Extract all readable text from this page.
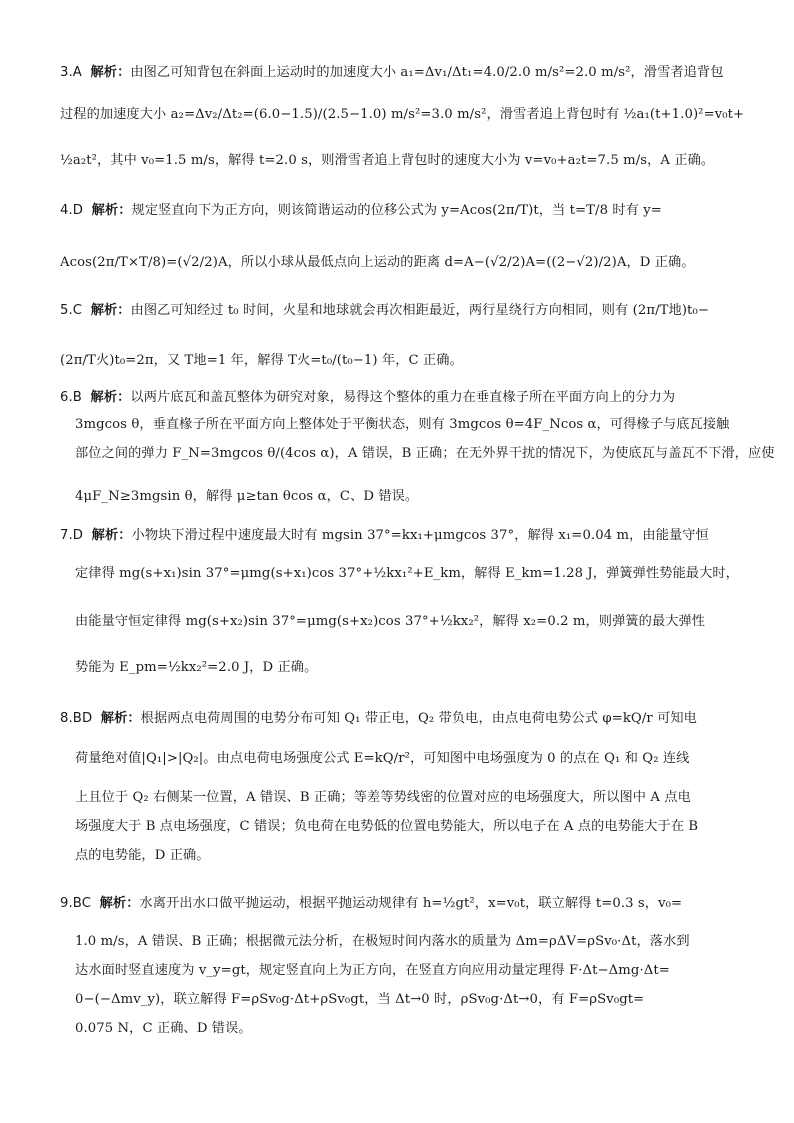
3.A 解析：由图乙可知背包在斜面上运动时的加速度大小 a₁=Δv₁/Δt₁=4.0/2.0 m/s²=2.0 m/s²，滑雪者追背包
过程的加速度大小 a₂=Δv₂/Δt₂=(6.0−1.5)/(2.5−1.0) m/s²=3.0 m/s²，滑雪者追上背包时有 ½a₁(t+1.0)²=v₀t+
½a₂t²，其中 v₀=1.5 m/s，解得 t=2.0 s，则滑雪者追上背包时的速度大小为 v=v₀+a₂t=7.5 m/s，A 正确。
4.D 解析：规定竖直向下为正方向，则该简谐运动的位移公式为 y=Acos(2π/T)t，当 t=T/8 时有 y=
Acos(2π/T×T/8)=(√2/2)A，所以小球从最低点向上运动的距离 d=A−(√2/2)A=((2−√2)/2)A，D 正确。
5.C 解析：由图乙可知经过 t₀ 时间，火星和地球就会再次相距最近，两行星绕行方向相同，则有 (2π/T地)t₀−
(2π/T火)t₀=2π，又 T地=1 年，解得 T火=t₀/(t₀−1) 年，C 正确。
6.B 解析：以两片底瓦和盖瓦整体为研究对象，易得这个整体的重力在垂直椽子所在平面方向上的分力为
3mgcos θ，垂直椽子所在平面方向上整体处于平衡状态，则有 3mgcos θ=4F_Ncos α，可得椽子与底瓦接触
部位之间的弹力 F_N=3mgcos θ/(4cos α)，A 错误，B 正确；在无外界干扰的情况下，为使底瓦与盖瓦不下滑，应使
4μF_N≥3mgsin θ，解得 μ≥tan θcos α，C、D 错误。
7.D 解析：小物块下滑过程中速度最大时有 mgsin 37°=kx₁+μmgcos 37°，解得 x₁=0.04 m，由能量守恒
定律得 mg(s+x₁)sin 37°=μmg(s+x₁)cos 37°+½kx₁²+E_km，解得 E_km=1.28 J，弹簧弹性势能最大时，
由能量守恒定律得 mg(s+x₂)sin 37°=μmg(s+x₂)cos 37°+½kx₂²，解得 x₂=0.2 m，则弹簧的最大弹性
势能为 E_pm=½kx₂²=2.0 J，D 正确。
8.BD 解析：根据两点电荷周围的电势分布可知 Q₁ 带正电，Q₂ 带负电，由点电荷电势公式 φ=kQ/r 可知电
荷量绝对值|Q₁|>|Q₂|。由点电荷电场强度公式 E=kQ/r²，可知图中电场强度为 0 的点在 Q₁ 和 Q₂ 连线
上且位于 Q₂ 右侧某一位置，A 错误、B 正确；等差等势线密的位置对应的电场强度大，所以图中 A 点电
场强度大于 B 点电场强度，C 错误；负电荷在电势低的位置电势能大，所以电子在 A 点的电势能大于在 B
点的电势能，D 正确。
9.BC 解析：水离开出水口做平抛运动，根据平抛运动规律有 h=½gt²，x=v₀t，联立解得 t=0.3 s，v₀=
1.0 m/s，A 错误、B 正确；根据微元法分析，在极短时间内落水的质量为 Δm=ρΔV=ρSv₀·Δt，落水到
达水面时竖直速度为 v_y=gt，规定竖直向上为正方向，在竖直方向应用动量定理得 F·Δt−Δmg·Δt=
0−(−Δmv_y)，联立解得 F=ρSv₀g·Δt+ρSv₀gt，当 Δt→0 时，ρSv₀g·Δt→0，有 F=ρSv₀gt=
0.075 N，C 正确、D 错误。
